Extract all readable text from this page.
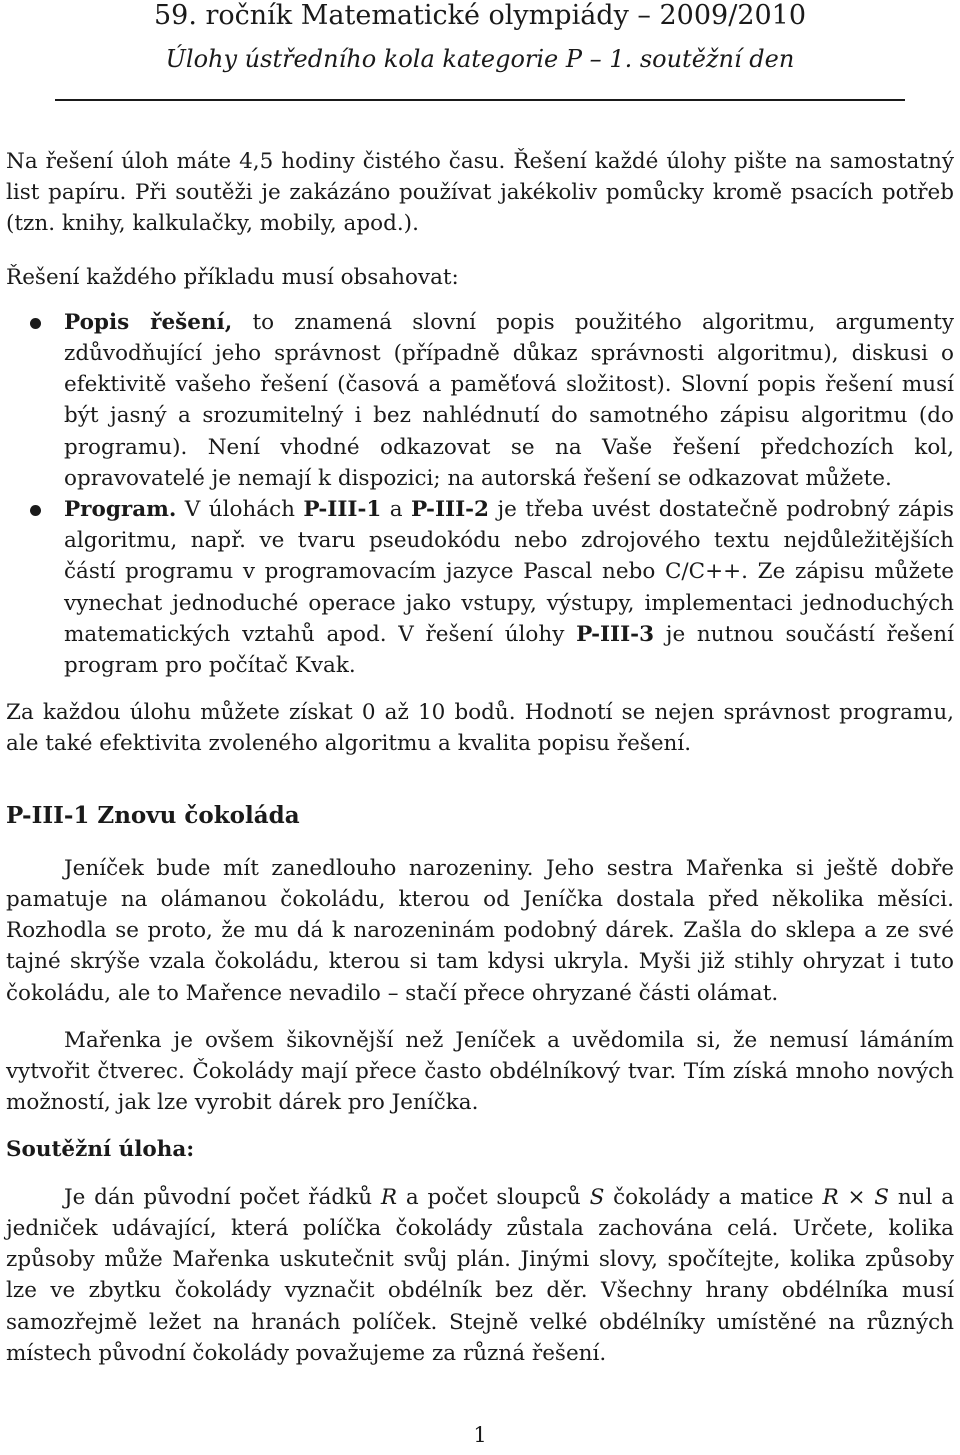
59. ročník Matematické olympiády – 2009/2010
Úlohy ústředního kola kategorie P – 1. soutěžní den

Na řešení úloh máte 4,5 hodiny čistého času. Řešení každé úlohy pište na samostatný list papíru. Při soutěži je zakázáno používat jakékoliv pomůcky kromě psacích potřeb (tzn. knihy, kalkulačky, mobily, apod.).

Řešení každého příkladu musí obsahovat:

Popis řešení, to znamená slovní popis použitého algoritmu, argumenty zdůvodňující jeho správnost (případně důkaz správnosti algoritmu), diskusi o efektivitě vašeho řešení (časová a paměťová složitost). Slovní popis řešení musí být jasný a srozumitelný i bez nahlédnutí do samotného zápisu algoritmu (do programu). Není vhodné odkazovat se na Vaše řešení předchozích kol, opravovatelé je nemají k dispozici; na autorská řešení se odkazovat můžete.
Program. V úlohách P-III-1 a P-III-2 je třeba uvést dostatečně podrobný zápis algoritmu, např. ve tvaru pseudokódu nebo zdrojového textu nejdůležitějších částí programu v programovacím jazyce Pascal nebo C/C++. Ze zápisu můžete vynechat jednoduché operace jako vstupy, výstupy, implementaci jednoduchých matematických vztahů apod. V řešení úlohy P-III-3 je nutnou součástí řešení program pro počítač Kvak.

Za každou úlohu můžete získat 0 až 10 bodů. Hodnotí se nejen správnost programu, ale také efektivita zvoleného algoritmu a kvalita popisu řešení.

P-III-1 Znovu čokoláda

Jeníček bude mít zanedlouho narozeniny. Jeho sestra Mařenka si ještě dobře pamatuje na olámanou čokoládu, kterou od Jeníčka dostala před několika měsíci. Rozhodla se proto, že mu dá k narozeninám podobný dárek. Zašla do sklepa a ze své tajné skrýše vzala čokoládu, kterou si tam kdysi ukryla. Myši již stihly ohryzat i tuto čokoládu, ale to Mařence nevadilo – stačí přece ohryzané části olámat.

Mařenka je ovšem šikovnější než Jeníček a uvědomila si, že nemusí lámáním vytvořit čtverec. Čokolády mají přece často obdélníkový tvar. Tím získá mnoho nových možností, jak lze vyrobit dárek pro Jeníčka.

Soutěžní úloha:

Je dán původní počet řádků R a počet sloupců S čokolády a matice R × S nul a jedniček udávající, která políčka čokolády zůstala zachována celá. Určete, kolika způsoby může Mařenka uskutečnit svůj plán. Jinými slovy, spočítejte, kolika způsoby lze ve zbytku čokolády vyznačit obdélník bez děr. Všechny hrany obdélníka musí samozřejmě ležet na hranách políček. Stejně velké obdélníky umístěné na různých místech původní čokolády považujeme za různá řešení.

1
